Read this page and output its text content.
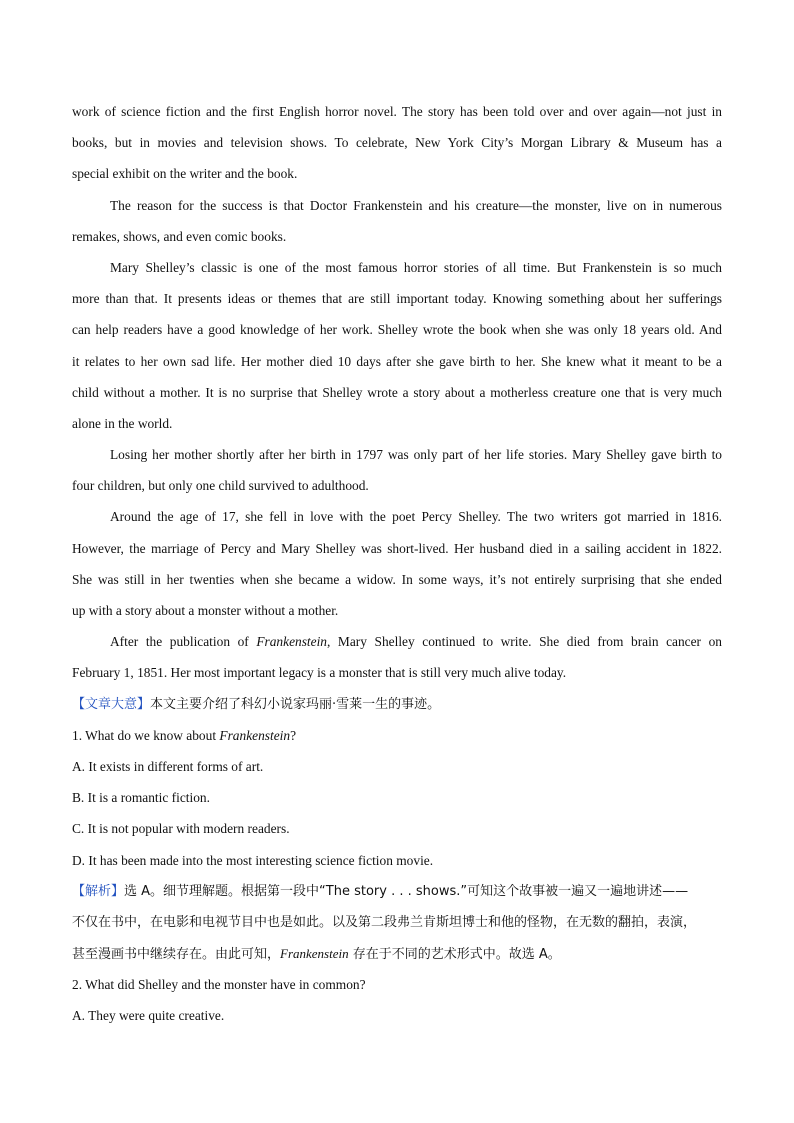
work of science fiction and the first English horror novel. The story has been told over and over again—not just in
books, but in movies and television shows. To celebrate, New York City’s Morgan Library & Museum has a
special exhibit on the writer and the book.
The reason for the success is that Doctor Frankenstein and his creature—the monster, live on in numerous
remakes, shows, and even comic books.
Mary Shelley’s classic is one of the most famous horror stories of all time. But Frankenstein is so much
more than that. It presents ideas or themes that are still important today. Knowing something about her sufferings
can help readers have a good knowledge of her work. Shelley wrote the book when she was only 18 years old. And
it relates to her own sad life. Her mother died 10 days after she gave birth to her. She knew what it meant to be a
child without a mother. It is no surprise that Shelley wrote a story about a motherless creature one that is very much
alone in the world.
Losing her mother shortly after her birth in 1797 was only part of her life stories. Mary Shelley gave birth to
four children, but only one child survived to adulthood.
Around the age of 17, she fell in love with the poet Percy Shelley. The two writers got married in 1816.
However, the marriage of Percy and Mary Shelley was short-lived. Her husband died in a sailing accident in 1822.
She was still in her twenties when she became a widow. In some ways, it’s not entirely surprising that she ended
up with a story about a monster without a mother.
After the publication of Frankenstein, Mary Shelley continued to write. She died from brain cancer on
February 1, 1851. Her most important legacy is a monster that is still very much alive today.
【文章大意】本文主要介绍了科幻小说家玛丽·雪莱一生的事迹。
1. What do we know about Frankenstein?
A. It exists in different forms of art.
B. It is a romantic fiction.
C. It is not popular with modern readers.
D. It has been made into the most interesting science fiction movie.
【解析】选 A。细节理解题。根据第一段中“The story . . . shows.”可知这个故事被一遍又一遍地讲述——
不仅在书中，在电影和电视节目中也是如此。以及第二段弗兰肯斯坦博士和他的怪物，在无数的翻拍，表演，
甚至漫画书中继续存在。由此可知，Frankenstein 存在于不同的艺术形式中。故选 A。
2. What did Shelley and the monster have in common?
A. They were quite creative.
